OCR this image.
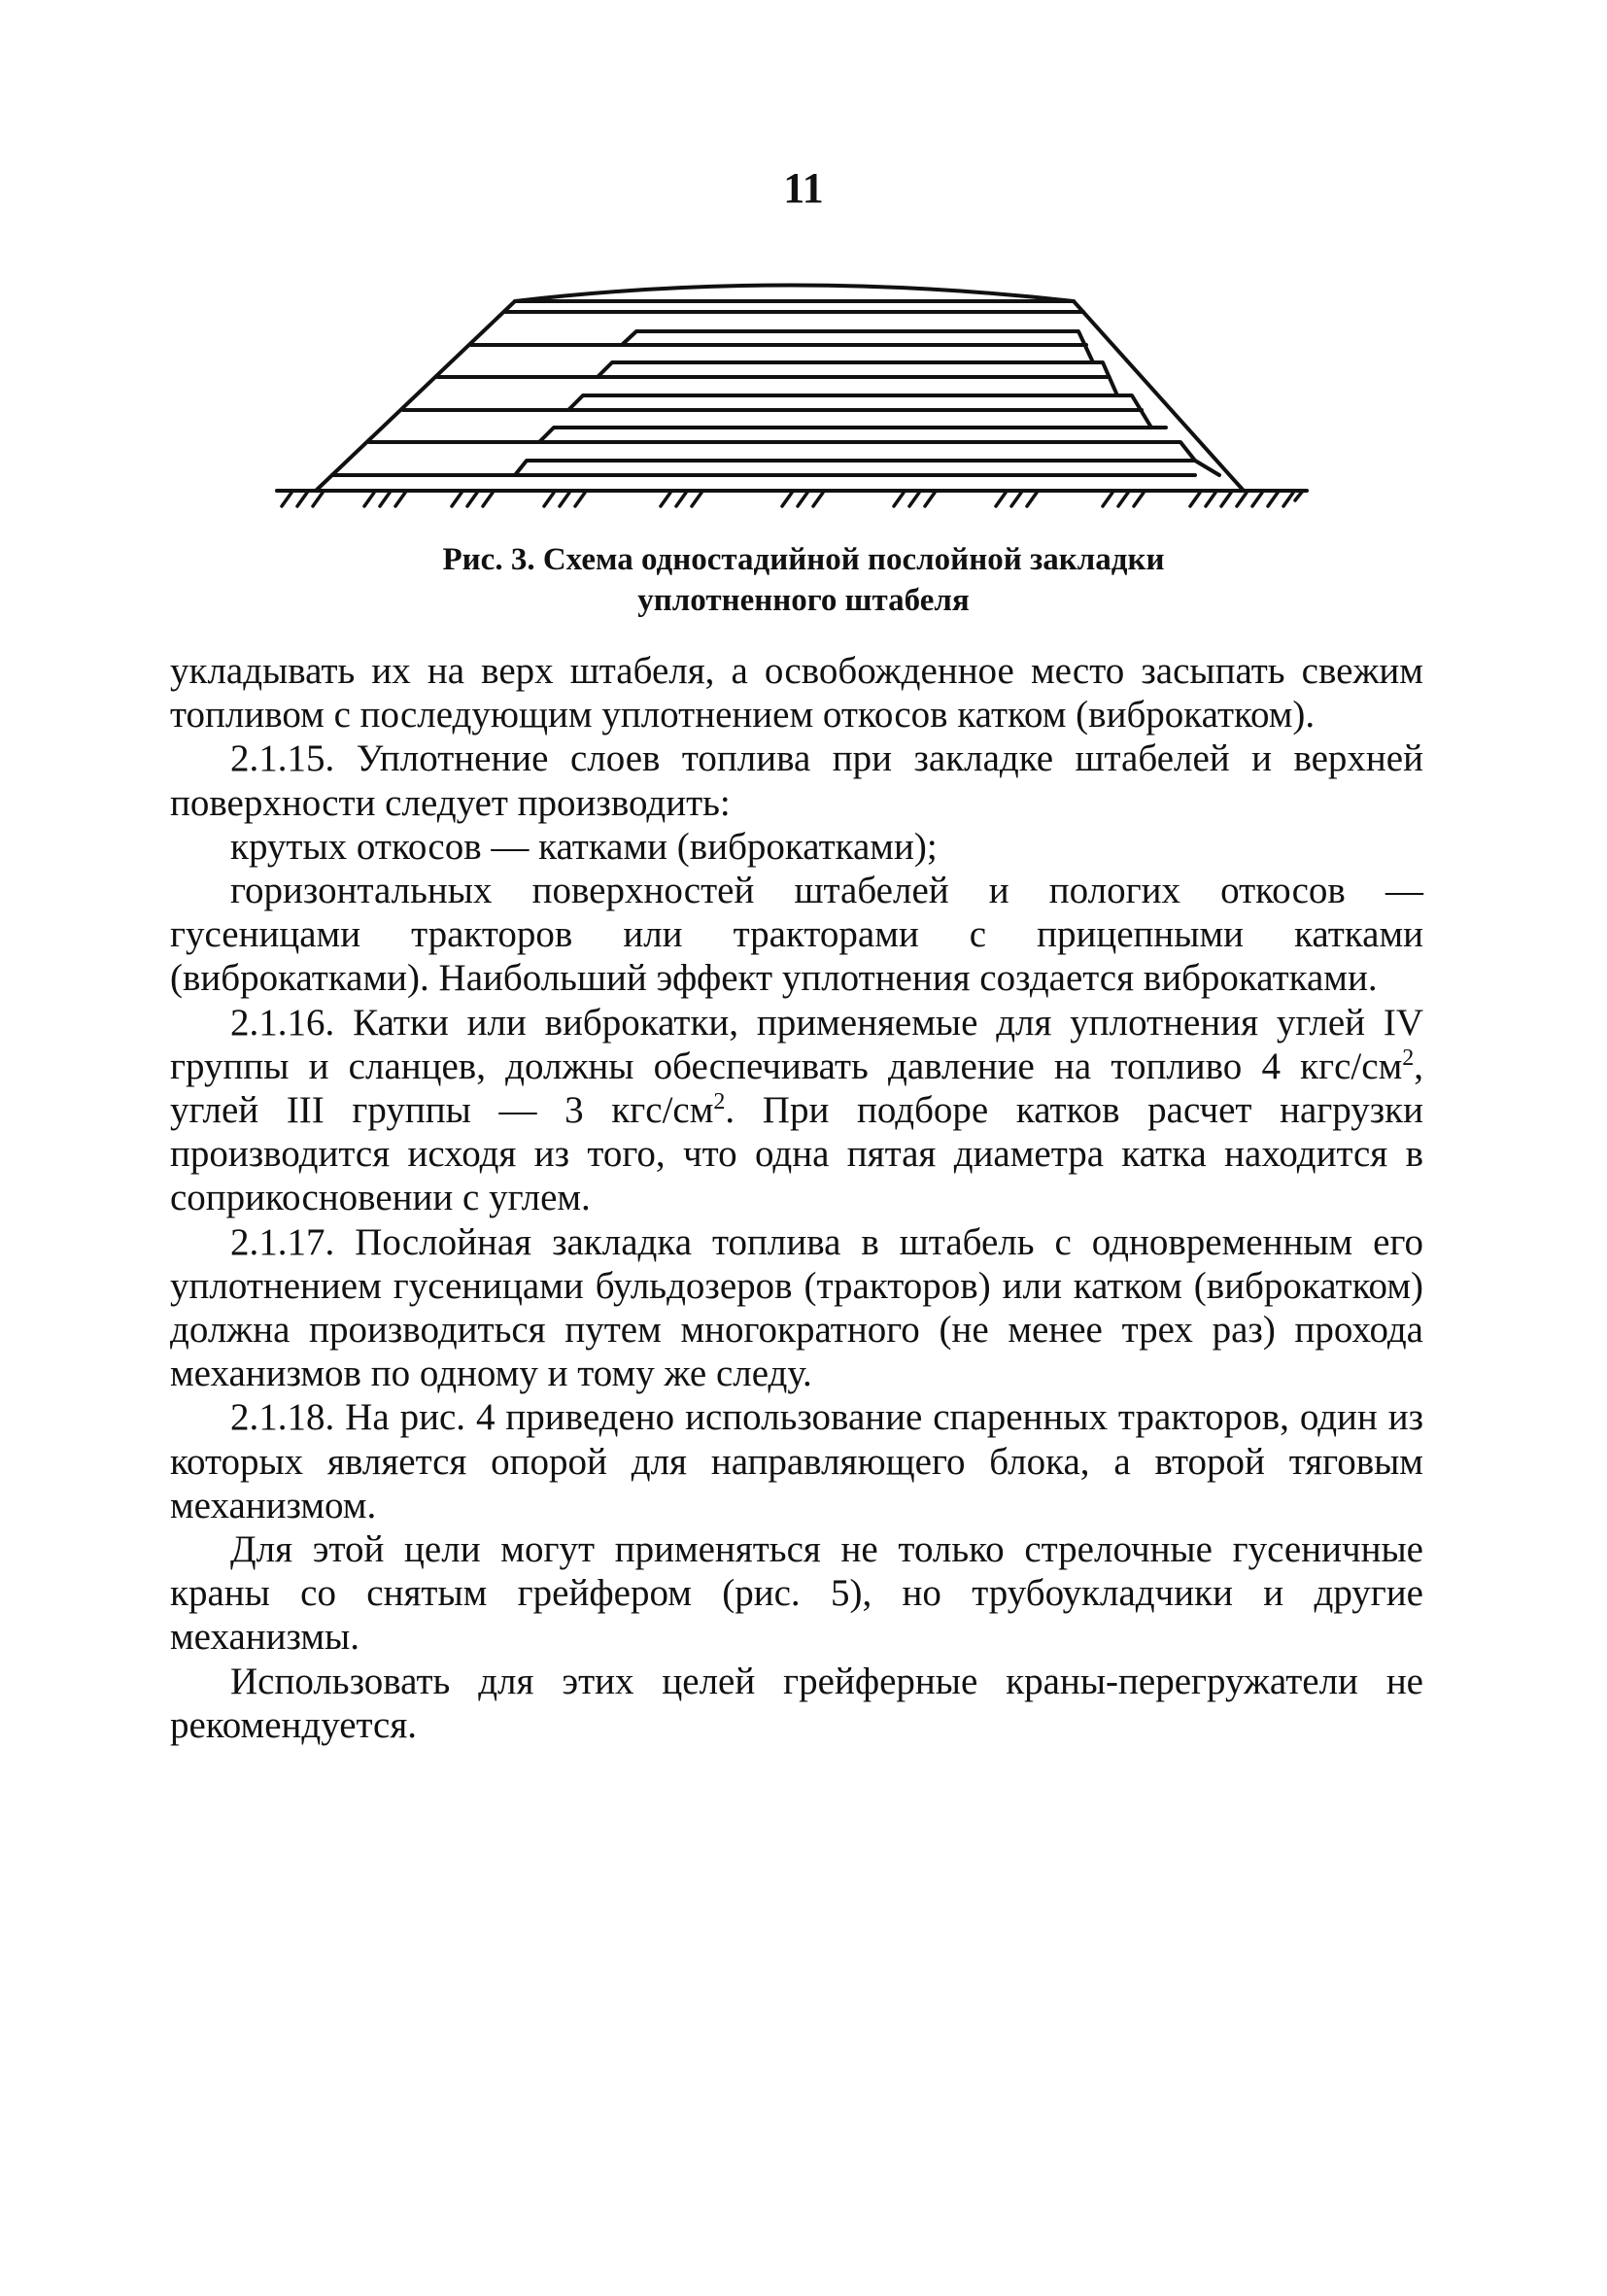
11
Рис. 3. Схема одностадийной послойной закладки
уплотненного штабеля

укладывать их на верх штабеля, а освобожденное место засыпать свежим топливом с последующим уплотнением откосов катком (виброкатком).

2.1.15. Уплотнение слоев топлива при закладке штабелей и верхней поверхности следует производить:

крутых откосов — катками (виброкатками);

горизонтальных поверхностей штабелей и пологих откосов — гусеницами тракторов или тракторами с прицепными катками (виброкатками). Наибольший эффект уплотнения создается виброкатками.

2.1.16. Катки или виброкатки, применяемые для уплотнения углей IV группы и сланцев, должны обеспечивать давление на топливо 4 кгс/$см^2$, углей III группы — 3 кгс/$см^2$. При подборе катков расчет нагрузки производится исходя из того, что одна пятая диаметра катка находится в соприкосновении с углем.

2.1.17. Послойная закладка топлива в штабель с одновременным его уплотнением гусеницами бульдозеров (тракторов) или катком (виброкатком) должна производиться путем многократного (не менее трех раз) прохода механизмов по одному и тому же следу.

2.1.18. На рис. 4 приведено использование спаренных тракторов, один из которых является опорой для направляющего блока, а второй тяговым механизмом.

Для этой цели могут применяться не только стрелочные гусеничные краны со снятым грейфером (рис. 5), но трубоукладчики и другие механизмы.

Использовать для этих целей грейферные краны-перегружатели не рекомендуется.
